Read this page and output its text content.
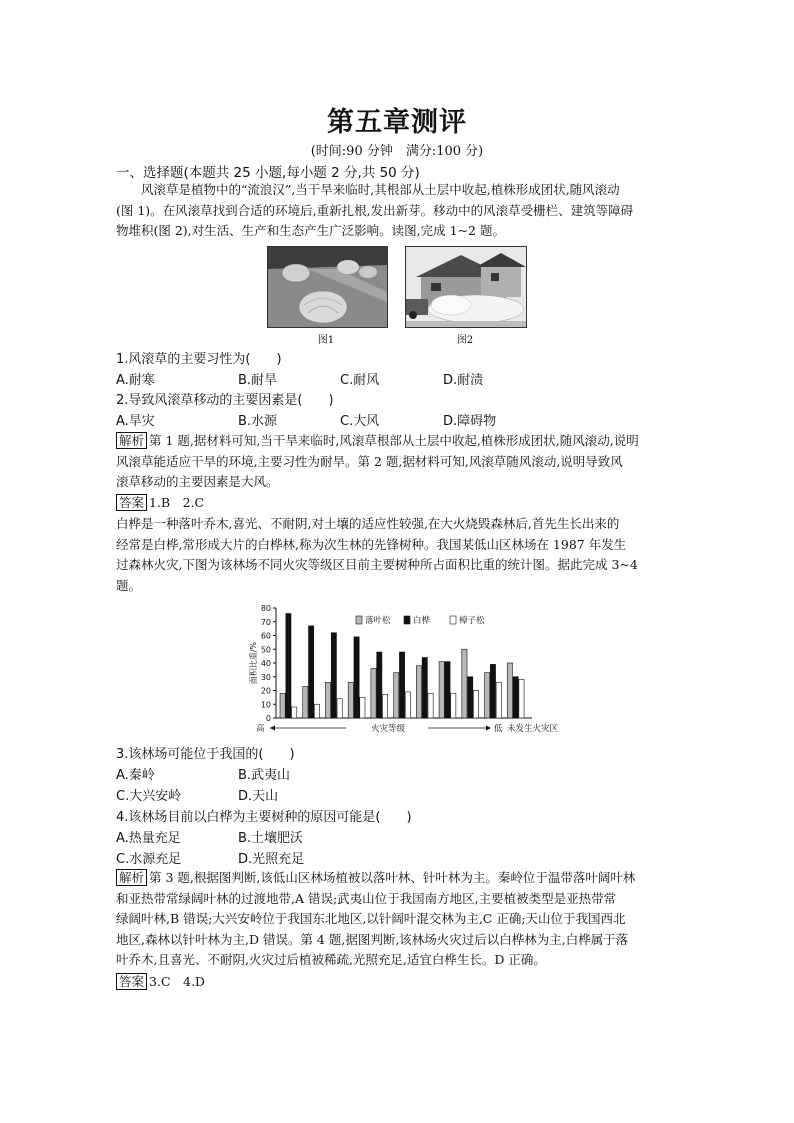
第五章测评
(时间:90 分钟　满分:100 分)
一、选择题(本题共 25 小题,每小题 2 分,共 50 分)
　　风滚草是植物中的“流浪汉”,当干旱来临时,其根部从土层中收起,植株形成团状,随风滚动
(图 1)。在风滚草找到合适的环境后,重新扎根,发出新芽。移动中的风滚草受栅栏、建筑等障碍
物堆积(图 2),对生活、生产和生态产生广泛影响。读图,完成 1~2 题。
图1	图2
1.风滚草的主要习性为(　　)
A.耐寒	B.耐旱	C.耐风	D.耐渍
2.导致风滚草移动的主要因素是(　　)
A.旱灾	B.水源	C.大风	D.障碍物
解析 第 1 题,据材料可知,当干旱来临时,风滚草根部从土层中收起,植株形成团状,随风滚动,说明
风滚草能适应干旱的环境,主要习性为耐旱。第 2 题,据材料可知,风滚草随风滚动,说明导致风
滚草移动的主要因素是大风。
答案 1.B　2.C
白桦是一种落叶乔木,喜光、不耐阴,对土壤的适应性较强,在大火烧毁森林后,首先生长出来的
经常是白桦,常形成大片的白桦林,称为次生林的先锋树种。我国某低山区林场在 1987 年发生
过森林火灾,下图为该林场不同火灾等级区目前主要树种所占面积比重的统计图。据此完成 3~4
题。
0
10
20
30
40
50
60
70
80
面积比重/%
落叶松	白桦	樟子松
高	火灾等级	低 未发生火灾区
3.该林场可能位于我国的(　　)
A.秦岭	B.武夷山
C.大兴安岭	D.天山
4.该林场目前以白桦为主要树种的原因可能是(　　)
A.热量充足	B.土壤肥沃
C.水源充足	D.光照充足
解析 第 3 题,根据图判断,该低山区林场植被以落叶林、针叶林为主。秦岭位于温带落叶阔叶林
和亚热带常绿阔叶林的过渡地带,A 错误;武夷山位于我国南方地区,主要植被类型是亚热带常
绿阔叶林,B 错误;大兴安岭位于我国东北地区,以针阔叶混交林为主,C 正确;天山位于我国西北
地区,森林以针叶林为主,D 错误。第 4 题,据图判断,该林场火灾过后以白桦林为主,白桦属于落
叶乔木,且喜光、不耐阴,火灾过后植被稀疏,光照充足,适宜白桦生长。D 正确。
答案 3.C　4.D
